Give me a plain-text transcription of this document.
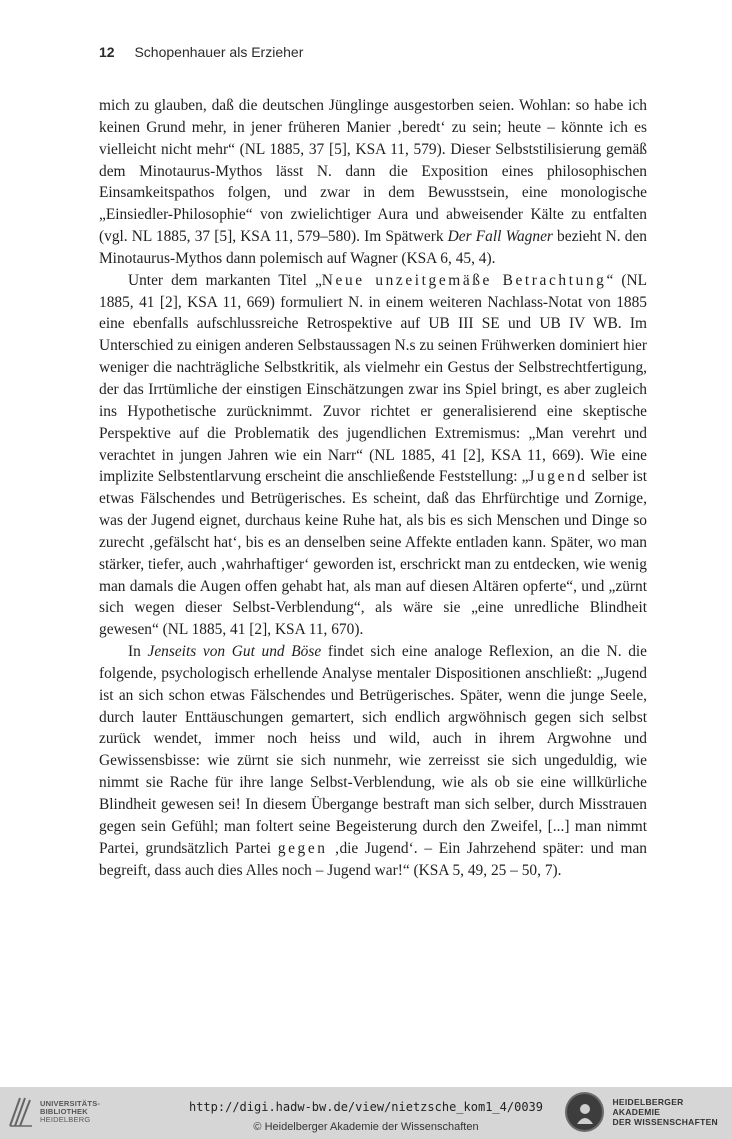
12 Schopenhauer als Erzieher

mich zu glauben, daß die deutschen Jünglinge ausgestorben seien. Wohlan: so habe ich keinen Grund mehr, in jener früheren Manier ‚beredt‘ zu sein; heute – könnte ich es vielleicht nicht mehr“ (NL 1885, 37 [5], KSA 11, 579). Dieser Selbststilisierung gemäß dem Minotaurus-Mythos lässt N. dann die Exposition eines philosophischen Einsamkeitspathos folgen, und zwar in dem Bewusstsein, eine monologische „Einsiedler-Philosophie“ von zwielichtiger Aura und abweisender Kälte zu entfalten (vgl. NL 1885, 37 [5], KSA 11, 579–580). Im Spätwerk Der Fall Wagner bezieht N. den Minotaurus-Mythos dann polemisch auf Wagner (KSA 6, 45, 4).

Unter dem markanten Titel „Neue unzeitgemäße Betrachtung“ (NL 1885, 41 [2], KSA 11, 669) formuliert N. in einem weiteren Nachlass-Notat von 1885 eine ebenfalls aufschlussreiche Retrospektive auf UB III SE und UB IV WB. Im Unterschied zu einigen anderen Selbstaussagen N.s zu seinen Frühwerken dominiert hier weniger die nachträgliche Selbstkritik, als vielmehr ein Gestus der Selbstrechtfertigung, der das Irrtümliche der einstigen Einschätzungen zwar ins Spiel bringt, es aber zugleich ins Hypothetische zurücknimmt. Zuvor richtet er generalisierend eine skeptische Perspektive auf die Problematik des jugendlichen Extremismus: „Man verehrt und verachtet in jungen Jahren wie ein Narr“ (NL 1885, 41 [2], KSA 11, 669). Wie eine implizite Selbstentlarvung erscheint die anschließende Feststellung: „Jugend selber ist etwas Fälschendes und Betrügerisches. Es scheint, daß das Ehrfürchtige und Zornige, was der Jugend eignet, durchaus keine Ruhe hat, als bis es sich Menschen und Dinge so zurecht ‚gefälscht hat‘, bis es an denselben seine Affekte entladen kann. Später, wo man stärker, tiefer, auch ‚wahrhaftiger‘ geworden ist, erschrickt man zu entdecken, wie wenig man damals die Augen offen gehabt hat, als man auf diesen Altären opferte“, und „zürnt sich wegen dieser Selbst-Verblendung“, als wäre sie „eine unredliche Blindheit gewesen“ (NL 1885, 41 [2], KSA 11, 670).

In Jenseits von Gut und Böse findet sich eine analoge Reflexion, an die N. die folgende, psychologisch erhellende Analyse mentaler Dispositionen anschließt: „Jugend ist an sich schon etwas Fälschendes und Betrügerisches. Später, wenn die junge Seele, durch lauter Enttäuschungen gemartert, sich endlich argwöhnisch gegen sich selbst zurück wendet, immer noch heiss und wild, auch in ihrem Argwohne und Gewissensbisse: wie zürnt sie sich nunmehr, wie zerreisst sie sich ungeduldig, wie nimmt sie Rache für ihre lange Selbst-Verblendung, wie als ob sie eine willkürliche Blindheit gewesen sei! In diesem Übergange bestraft man sich selber, durch Misstrauen gegen sein Gefühl; man foltert seine Begeisterung durch den Zweifel, [...] man nimmt Partei, grundsätzlich Partei gegen ‚die Jugend‘. – Ein Jahrzehend später: und man begreift, dass auch dies Alles noch – Jugend war!“ (KSA 5, 49, 25 – 50, 7).

UNIVERSITÄTS-
BIBLIOTHEK
HEIDELBERG
http://digi.hadw-bw.de/view/nietzsche_kom1_4/0039
© Heidelberger Akademie der Wissenschaften
HEIDELBERGER AKADEMIE
DER WISSENSCHAFTEN
